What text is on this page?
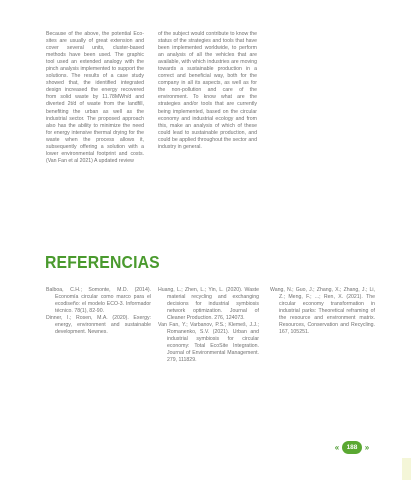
Because of the above, the potential Eco-sites are usually of great extension and cover several units, cluster-based methods have been used. The graphic tool used an extended analogy with the pinch analysis implemented to support the solutions. The results of a case study showed that, the identified integrated design increased the energy recovered from solid waste by 11.78MWh/d and diverted 2t/d of waste from the landfill, benefiting the urban as well as the industrial sector. The proposed approach also has the ability to minimize the need for energy intensive thermal drying for the waste when the process allows it, subsequently offering a solution with a lower environmental footprint and costs. (Van Fan et al 2021) A updated review

of the subject would contribute to know the status of the strategies and tools that have been implemented worldwide, to perform an analysis of all the vehicles that are available, with which industries are moving towards a sustainable production in a correct and beneficial way, both for the company in all its aspects, as well as for the non-pollution and care of the environment. To know what are the strategies and/or tools that are currently being implemented, based on the circular economy and industrial ecology and from this, make an analysis of which of these could lead to sustainable production, and could be applied throughout the sector and industry in general.

REFERENCIAS

Balboa, C.H.; Somonte, M.D. (2014). Economía circular como marco para el ecodiseño: el modelo ECO-3. Informador técnico. 78(1), 82-90.

Dinner, I.; Rosen, M.A. (2020). Exergy: energy, environment and sustainable development. Newnes.

Huang, L.; Zhen, L.; Yin, L. (2020). Waste material recycling and exchanging decisions for industrial symbiosis network optimization. Journal of Cleaner Production. 276, 124073.

Van Fan, Y.; Varbanov, P.S.; Klemeš, J.J.; Romanenko, S.V. (2021). Urban and industrial symbiosis for circular economy: Total EcoSite Integration. Journal of Environmental Management. 279, 111829.

Wang, N.; Guo, J.; Zhang, X.; Zhang, J.; Li, Z.; Meng, F.; ...; Ren, X. (2021). The circular economy transformation in industrial parks: Theoretical reframing of the resource and environment matrix. Resources, Conservation and Recycling. 167, 105251.

«	188 »
